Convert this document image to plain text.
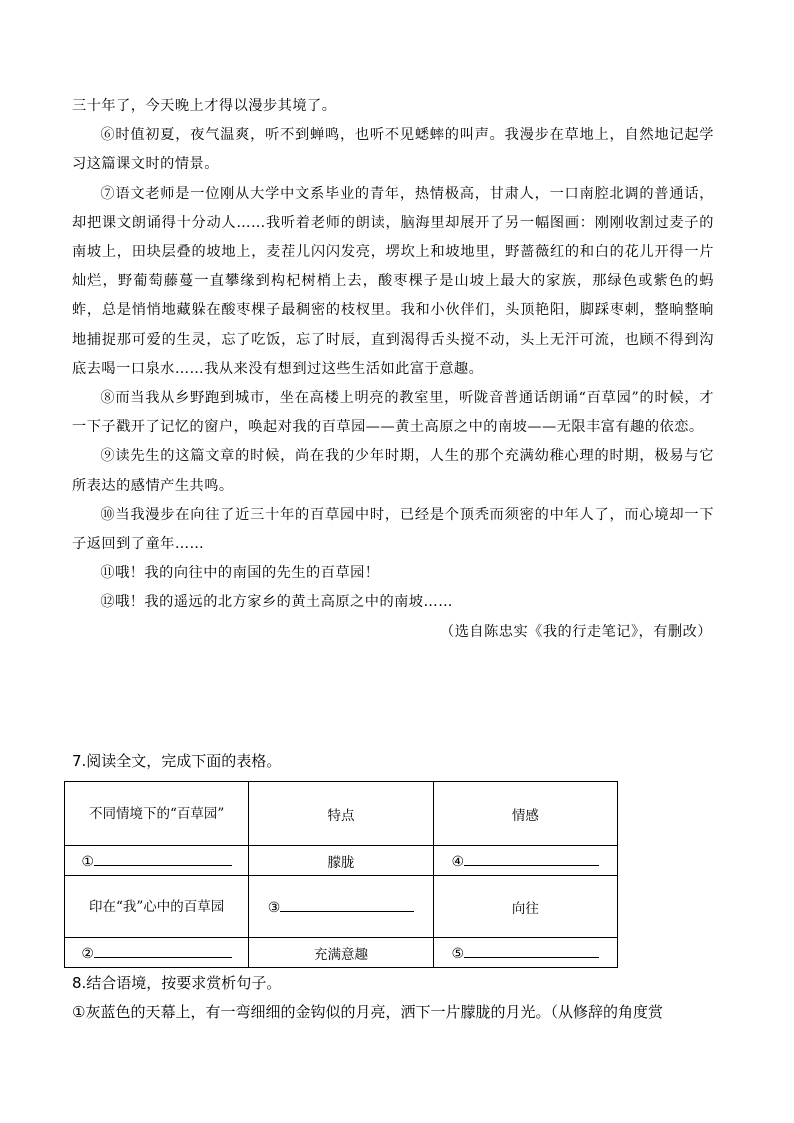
三十年了，今天晚上才得以漫步其境了。

⑥时值初夏，夜气温爽，听不到蝉鸣，也听不见蟋蟀的叫声。我漫步在草地上，自然地记起学习这篇课文时的情景。

⑦语文老师是一位刚从大学中文系毕业的青年，热情极高，甘肃人，一口南腔北调的普通话，却把课文朗诵得十分动人……我听着老师的朗读，脑海里却展开了另一幅图画：刚刚收割过麦子的南坡上，田块层叠的坡地上，麦茬儿闪闪发亮，塄坎上和坡地里，野蔷薇红的和白的花儿开得一片灿烂，野葡萄藤蔓一直攀缘到构杞树梢上去，酸枣棵子是山坡上最大的家族，那绿色或紫色的蚂蚱，总是悄悄地藏躲在酸枣棵子最稠密的枝杈里。我和小伙伴们，头顶艳阳，脚踩枣刺，整晌整晌地捕捉那可爱的生灵，忘了吃饭，忘了时辰，直到渴得舌头搅不动，头上无汗可流，也顾不得到沟底去喝一口泉水……我从来没有想到过这些生活如此富于意趣。

⑧而当我从乡野跑到城市，坐在高楼上明亮的教室里，听陇音普通话朗诵“百草园”的时候，才一下子戳开了记忆的窗户，唤起对我的百草园——黄土高原之中的南坡——无限丰富有趣的依恋。

⑨读先生的这篇文章的时候，尚在我的少年时期，人生的那个充满幼稚心理的时期，极易与它所表达的感情产生共鸣。

⑩当我漫步在向往了近三十年的百草园中时，已经是个顶秃而须密的中年人了，而心境却一下子返回到了童年……

⑪哦！我的向往中的南国的先生的百草园！

⑫哦！我的遥远的北方家乡的黄土高原之中的南坡……

（选自陈忠实《我的行走笔记》，有删改）

7.阅读全文，完成下面的表格。
不同情境下的“百草园”	特点	情感
①	朦胧	④
印在“我”心中的百草园	③	向往
②	充满意趣	⑤
8.结合语境，按要求赏析句子。
①灰蓝色的天幕上，有一弯细细的金钩似的月亮，洒下一片朦胧的月光。（从修辞的角度赏
